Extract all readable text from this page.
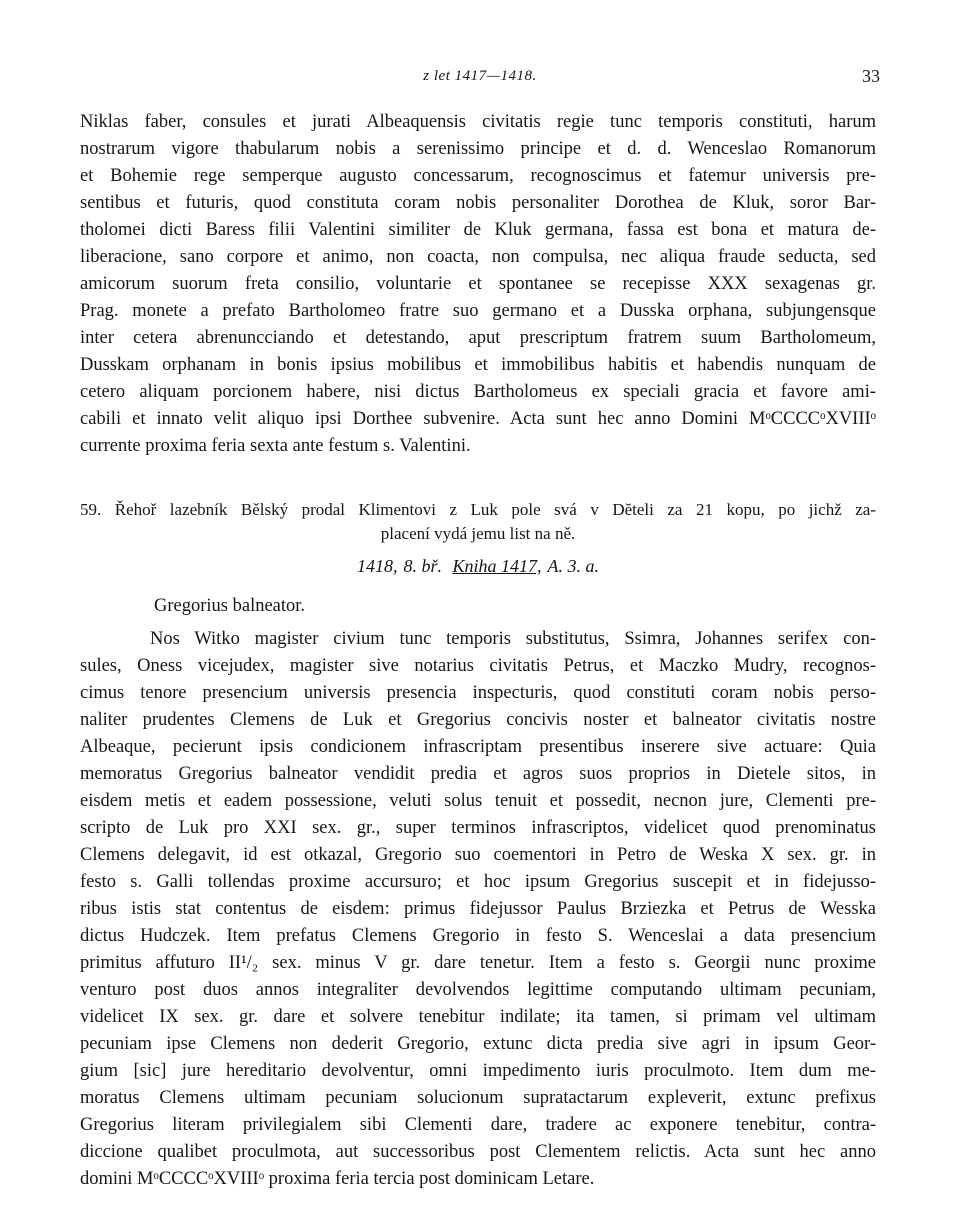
z let 1417—1418.	33
Niklas faber, consules et jurati Albeaquensis civitatis regie tunc temporis constituti, harum
nostrarum vigore thabularum nobis a serenissimo principe et d. d. Wenceslao Romanorum
et Bohemie rege semperque augusto concessarum, recognoscimus et fatemur universis pre-
sentibus et futuris, quod constituta coram nobis personaliter Dorothea de Kluk, soror Bar-
tholomei dicti Baress filii Valentini similiter de Kluk germana, fassa est bona et matura de-
liberacione, sano corpore et animo, non coacta, non compulsa, nec aliqua fraude seducta, sed
amicorum suorum freta consilio, voluntarie et spontanee se recepisse XXX sexagenas gr.
Prag. monete a prefato Bartholomeo fratre suo germano et a Dusska orphana, subjungensque
inter cetera abrenuncciando et detestando, aput prescriptum fratrem suum Bartholomeum,
Dusskam orphanam in bonis ipsius mobilibus et immobilibus habitis et habendis nunquam de
cetero aliquam porcionem habere, nisi dictus Bartholomeus ex speciali gracia et favore ami-
cabili et innato velit aliquo ipsi Dorthee subvenire. Acta sunt hec anno Domini MᵒCCCCᵒXVIIIᵒ
currente proxima feria sexta ante festum s. Valentini.
59. Řehoř lazebník Bělský prodal Klimentovi z Luk pole svá v Dĕteli za 21 kopu, po jichž za-
placení vydá jemu list na ně.
1418, 8. bř. Kniha 1417, A. 3. a.
Gregorius balneator.
Nos Witko magister civium tunc temporis substitutus, Ssimra, Johannes serifex con-
sules, Oness vicejudex, magister sive notarius civitatis Petrus, et Maczko Mudry, recognos-
cimus tenore presencium universis presencia inspecturis, quod constituti coram nobis perso-
naliter prudentes Clemens de Luk et Gregorius concivis noster et balneator civitatis nostre
Albeaque, pecierunt ipsis condicionem infrascriptam presentibus inserere sive actuare: Quia
memoratus Gregorius balneator vendidit predia et agros suos proprios in Dietele sitos, in
eisdem metis et eadem possessione, veluti solus tenuit et possedit, necnon jure, Clementi pre-
scripto de Luk pro XXI sex. gr., super terminos infrascriptos, videlicet quod prenominatus
Clemens delegavit, id est otkazal, Gregorio suo coementori in Petro de Weska X sex. gr. in
festo s. Galli tollendas proxime accursuro; et hoc ipsum Gregorius suscepit et in fidejusso-
ribus istis stat contentus de eisdem: primus fidejussor Paulus Brziezka et Petrus de Wesska
dictus Hudczek. Item prefatus Clemens Gregorio in festo S. Wenceslai a data presencium
primitus affuturo II¹/₂ sex. minus V gr. dare tenetur. Item a festo s. Georgii nunc proxime
venturo post duos annos integraliter devolvendos legittime computando ultimam pecuniam,
videlicet IX sex. gr. dare et solvere tenebitur indilate; ita tamen, si primam vel ultimam
pecuniam ipse Clemens non dederit Gregorio, extunc dicta predia sive agri in ipsum Geor-
gium [sic] jure hereditario devolventur, omni impedimento iuris proculmoto. Item dum me-
moratus Clemens ultimam pecuniam solucionum supratactarum expleverit, extunc prefixus
Gregorius literam privilegialem sibi Clementi dare, tradere ac exponere tenebitur, contra-
diccione qualibet proculmota, aut successoribus post Clementem relictis. Acta sunt hec anno
domini MᵒCCCCᵒXVIIIᵒ proxima feria tercia post dominicam Letare.
